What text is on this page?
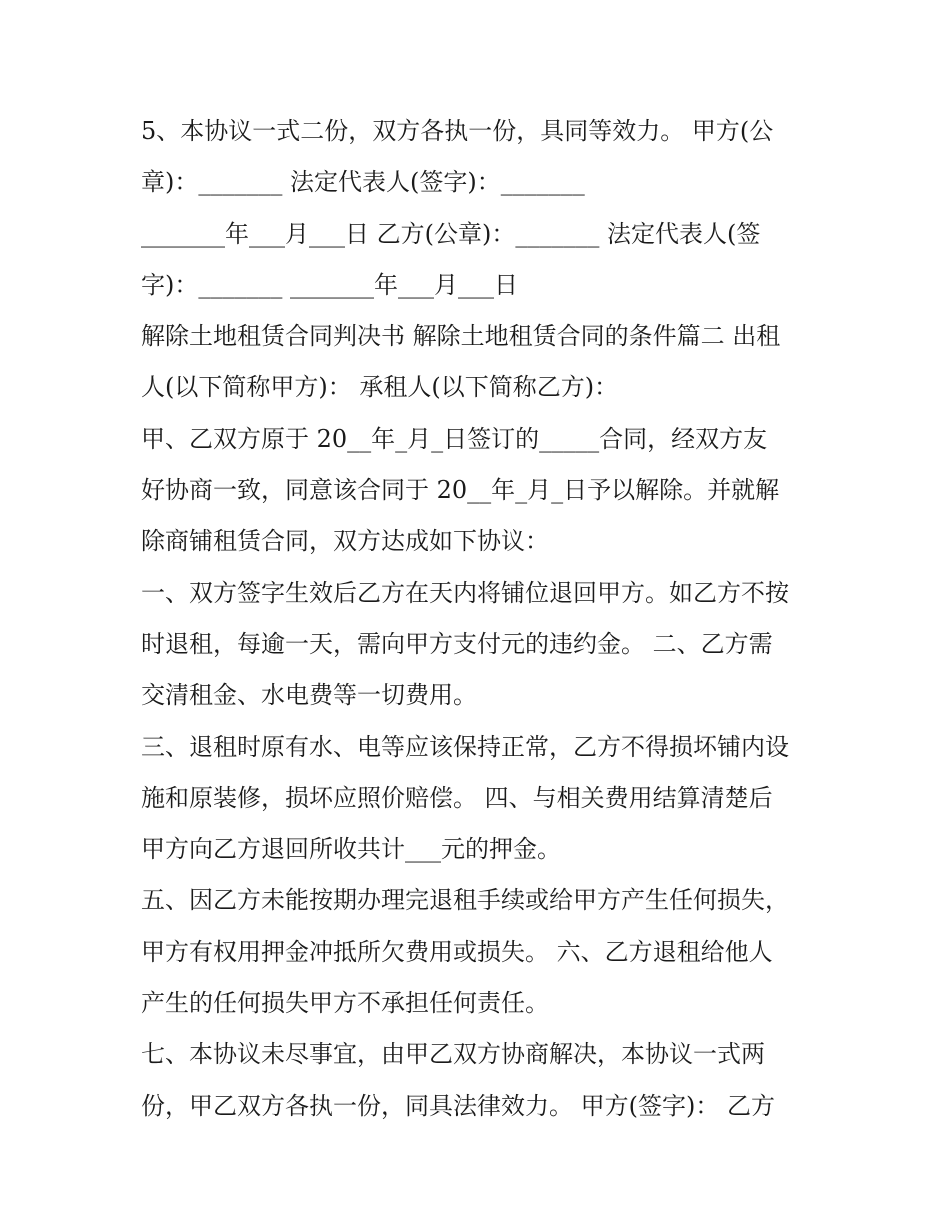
5、本协议一式二份，双方各执一份，具同等效力。 甲方(公
章)：_______ 法定代表人(签字)：_______
_______年___月___日 乙方(公章)：_______ 法定代表人(签
字)：_______ _______年___月___日
解除土地租赁合同判决书 解除土地租赁合同的条件篇二 出租
人(以下简称甲方)： 承租人(以下简称乙方)：
甲、乙双方原于 20__年_月_日签订的_____合同，经双方友
好协商一致，同意该合同于 20__年_月_日予以解除。并就解
除商铺租赁合同，双方达成如下协议：
一、双方签字生效后乙方在天内将铺位退回甲方。如乙方不按
时退租，每逾一天，需向甲方支付元的违约金。 二、乙方需
交清租金、水电费等一切费用。
三、退租时原有水、电等应该保持正常，乙方不得损坏铺内设
施和原装修，损坏应照价赔偿。 四、与相关费用结算清楚后
甲方向乙方退回所收共计___元的押金。
五、因乙方未能按期办理完退租手续或给甲方产生任何损失，
甲方有权用押金冲抵所欠费用或损失。 六、乙方退租给他人
产生的任何损失甲方不承担任何责任。
七、本协议未尽事宜，由甲乙双方协商解决，本协议一式两
份，甲乙双方各执一份，同具法律效力。 甲方(签字)： 乙方
